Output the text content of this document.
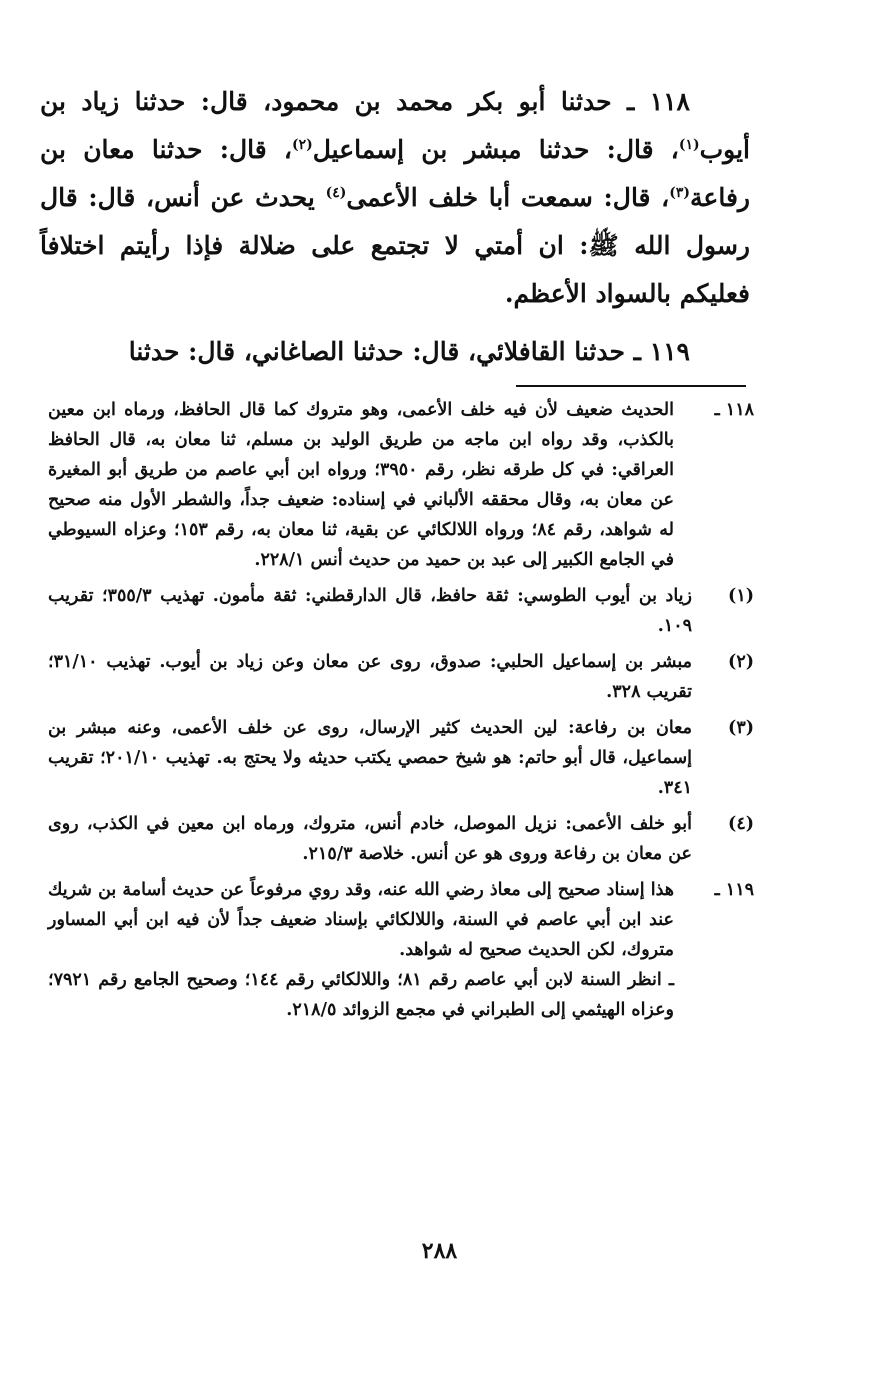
١١٨ ـ حدثنا أبو بكر محمد بن محمود، قال: حدثنا زياد بن أيوب$^{(١)}$، قال: حدثنا مبشر بن إسماعيل$^{(٢)}$، قال: حدثنا معان بن رفاعة$^{(٣)}$، قال: سمعت أبا خلف الأعمى$^{(٤)}$ يحدث عن أنس، قال: قال رسول الله ﷺ: ان أمتي لا تجتمع على ضلالة فإذا رأيتم اختلافاً فعليكم بالسواد الأعظم.

١١٩ ـ حدثنا القافلائي، قال: حدثنا الصاغاني، قال: حدثنا

١١٨ ـ

الحديث ضعيف لأن فيه خلف الأعمى، وهو متروك كما قال الحافظ، ورماه ابن معين بالكذب، وقد رواه ابن ماجه من طريق الوليد بن مسلم، ثنا معان به، قال الحافظ العراقي: في كل طرقه نظر، رقم ٣٩٥٠؛ ورواه ابن أبي عاصم من طريق أبو المغيرة عن معان به، وقال محققه الألباني في إسناده: ضعيف جداً، والشطر الأول منه صحيح له شواهد، رقم ٨٤؛ ورواه اللالكائي عن بقية، ثنا معان به، رقم ١٥٣؛ وعزاه السيوطي في الجامع الكبير إلى عبد بن حميد من حديث أنس ٢٢٨/١.

(١)

زياد بن أيوب الطوسي: ثقة حافظ، قال الدارقطني: ثقة مأمون. تهذيب ٣٥٥/٣؛ تقريب ١٠٩.

(٢)

مبشر بن إسماعيل الحلبي: صدوق، روى عن معان وعن زياد بن أيوب. تهذيب ٣١/١٠؛ تقريب ٣٢٨.

(٣)

معان بن رفاعة: لين الحديث كثير الإرسال، روى عن خلف الأعمى، وعنه مبشر بن إسماعيل، قال أبو حاتم: هو شيخ حمصي يكتب حديثه ولا يحتج به. تهذيب ٢٠١/١٠؛ تقريب ٣٤١.

(٤)

أبو خلف الأعمى: نزيل الموصل، خادم أنس، متروك، ورماه ابن معين في الكذب، روى عن معان بن رفاعة وروى هو عن أنس. خلاصة ٢١٥/٣.

١١٩ ـ

هذا إسناد صحيح إلى معاذ رضي الله عنه، وقد روي مرفوعاً عن حديث أسامة بن شريك عند ابن أبي عاصم في السنة، واللالكائي بإسناد ضعيف جداً لأن فيه ابن أبي المساور متروك، لكن الحديث صحيح له شواهد.

ـ انظر السنة لابن أبي عاصم رقم ٨١؛ واللالكائي رقم ١٤٤؛ وصحيح الجامع رقم ٧٩٢١؛ وعزاه الهيثمي إلى الطبراني في مجمع الزوائد ٢١٨/٥.

٢٨٨
